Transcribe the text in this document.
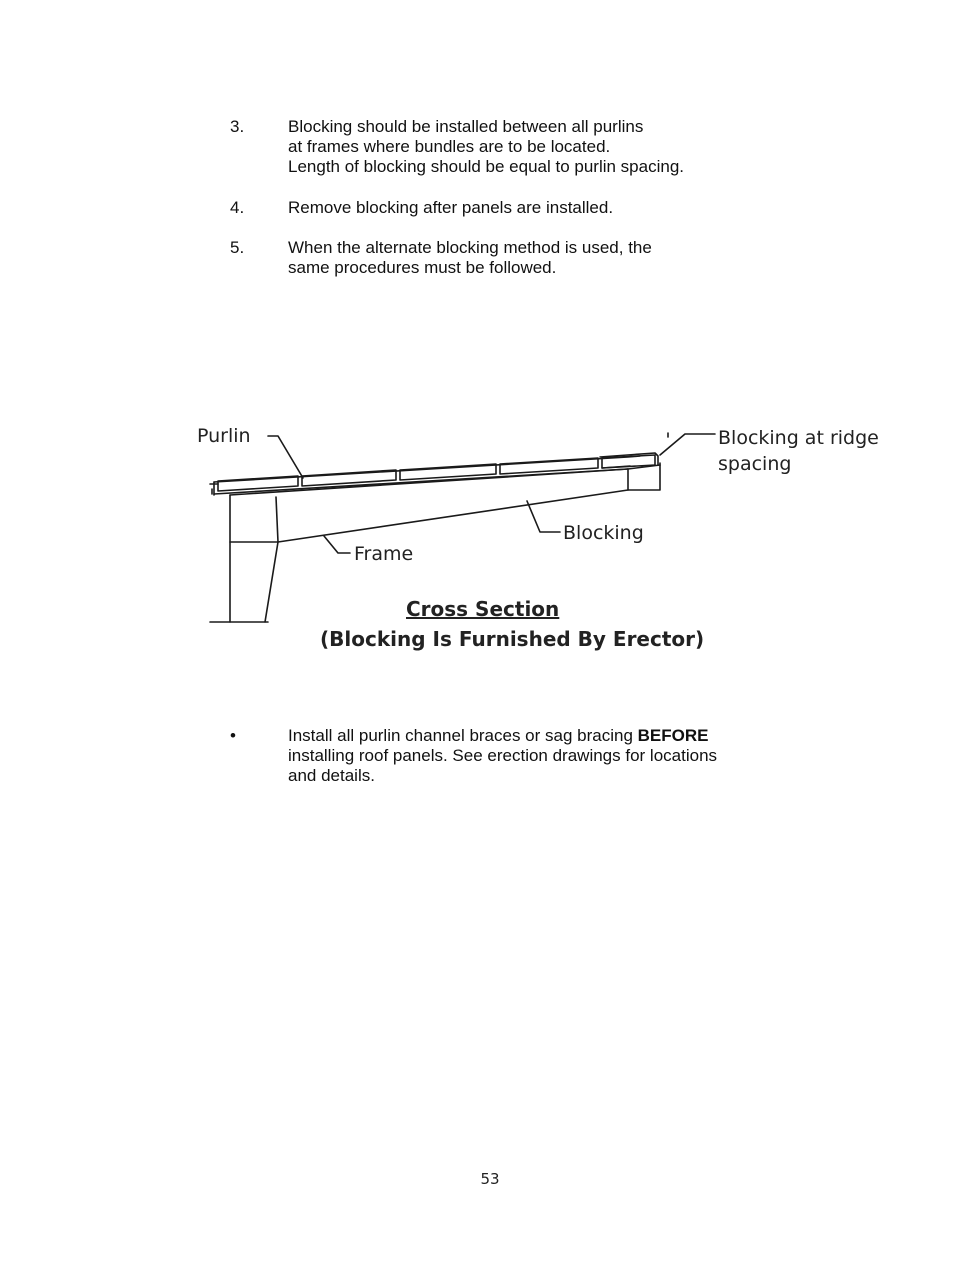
3.	Blocking should be installed between all purlins
at frames where bundles are to be located.
Length of blocking should be equal to purlin spacing.
4.	Remove blocking after panels are installed.
5.	When the alternate blocking method is used, the
same procedures must be followed.
Purlin	Blocking at ridge
spacing
Blocking
Frame
Cross Section
(Blocking Is Furnished By Erector)
•	Install all purlin channel braces or sag bracing BEFORE
installing roof panels. See erection drawings for locations
and details.
53
